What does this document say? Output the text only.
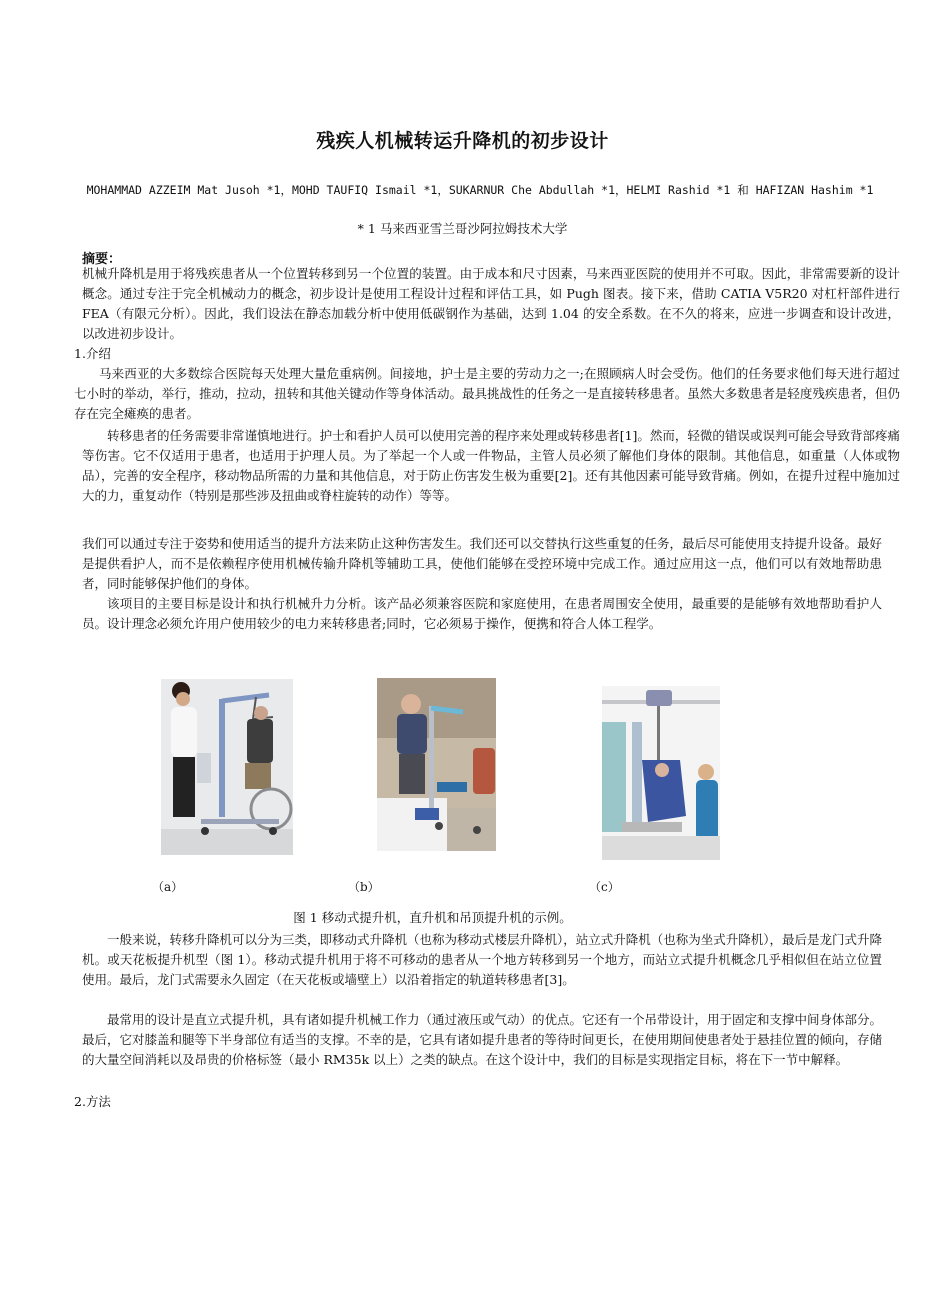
残疾人机械转运升降机的初步设计
MOHAMMAD AZZEIM Mat Jusoh *1，MOHD TAUFIQ Ismail *1，SUKARNUR Che Abdullah *1，HELMI Rashid *1 和 HAFIZAN Hashim *1
* 1 马来西亚雪兰哥沙阿拉姆技术大学
摘要：

机械升降机是用于将残疾患者从一个位置转移到另一个位置的装置。由于成本和尺寸因素，马来西亚医院的使用并不可取。因此，非常需要新的设计概念。通过专注于完全机械动力的概念，初步设计是使用工程设计过程和评估工具，如 Pugh 图表。接下来，借助 CATIA V5R20 对杠杆部件进行 FEA（有限元分析）。因此，我们设法在静态加载分析中使用低碳钢作为基础，达到 1.04 的安全系数。在不久的将来，应进一步调查和设计改进，以改进初步设计。

1.介绍

马来西亚的大多数综合医院每天处理大量危重病例。间接地，护士是主要的劳动力之一;在照顾病人时会受伤。他们的任务要求他们每天进行超过七小时的举动，举行，推动，拉动，扭转和其他关键动作等身体活动。最具挑战性的任务之一是直接转移患者。虽然大多数患者是轻度残疾患者，但仍存在完全瘫痪的患者。

转移患者的任务需要非常谨慎地进行。护士和看护人员可以使用完善的程序来处理或转移患者[1]。然而，轻微的错误或误判可能会导致背部疼痛等伤害。它不仅适用于患者，也适用于护理人员。为了举起一个人或一件物品，主管人员必须了解他们身体的限制。其他信息，如重量（人体或物品），完善的安全程序，移动物品所需的力量和其他信息，对于防止伤害发生极为重要[2]。还有其他因素可能导致背痛。例如，在提升过程中施加过大的力，重复动作（特别是那些涉及扭曲或脊柱旋转的动作）等等。

我们可以通过专注于姿势和使用适当的提升方法来防止这种伤害发生。我们还可以交替执行这些重复的任务，最后尽可能使用支持提升设备。最好是提供看护人，而不是依赖程序使用机械传输升降机等辅助工具，使他们能够在受控环境中完成工作。通过应用这一点，他们可以有效地帮助患者，同时能够保护他们的身体。

该项目的主要目标是设计和执行机械升力分析。该产品必须兼容医院和家庭使用，在患者周围安全使用，最重要的是能够有效地帮助看护人员。设计理念必须允许用户使用较少的电力来转移患者;同时，它必须易于操作，便携和符合人体工程学。

（a）	（b）	（c）
图 1 移动式提升机，直升机和吊顶提升机的示例。

一般来说，转移升降机可以分为三类，即移动式升降机（也称为移动式楼层升降机），站立式升降机（也称为坐式升降机），最后是龙门式升降机。或天花板提升机型（图 1）。移动式提升机用于将不可移动的患者从一个地方转移到另一个地方，而站立式提升机概念几乎相似但在站立位置使用。最后，龙门式需要永久固定（在天花板或墙壁上）以沿着指定的轨道转移患者[3]。

最常用的设计是直立式提升机，具有诸如提升机械工作力（通过液压或气动）的优点。它还有一个吊带设计，用于固定和支撑中间身体部分。最后，它对膝盖和腿等下半身部位有适当的支撑。不幸的是，它具有诸如提升患者的等待时间更长，在使用期间使患者处于悬挂位置的倾向，存储的大量空间消耗以及昂贵的价格标签（最小 RM35k 以上）之类的缺点。在这个设计中，我们的目标是实现指定目标，将在下一节中解释。

2.方法
